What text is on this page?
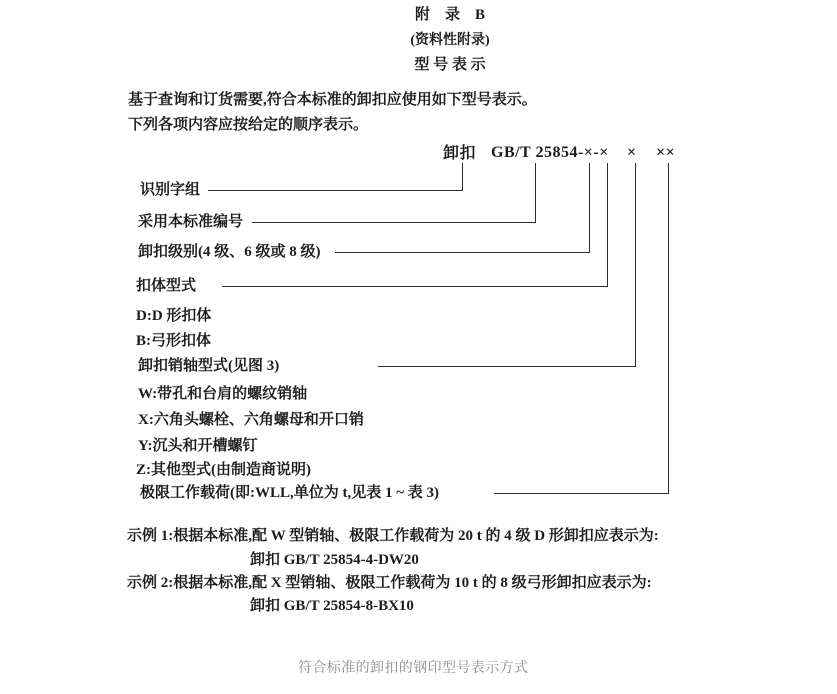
附　录　B
(资料性附录)
型 号 表 示
基于查询和订货需要,符合本标准的卸扣应使用如下型号表示。
下列各项内容应按给定的顺序表示。
卸扣 GB/T 25854-×-× × ××
识别字组
采用本标准编号
卸扣级别(4 级、6 级或 8 级)
扣体型式
D:D 形扣体
B:弓形扣体
卸扣销轴型式(见图 3)
W:带孔和台肩的螺纹销轴
X:六角头螺栓、六角螺母和开口销
Y:沉头和开槽螺钉
Z:其他型式(由制造商说明)
极限工作载荷(即:WLL,单位为 t,见表 1 ~ 表 3)
示例 1:根据本标准,配 W 型销轴、极限工作载荷为 20 t 的 4 级 D 形卸扣应表示为:
卸扣 GB/T 25854-4-DW20
示例 2:根据本标准,配 X 型销轴、极限工作载荷为 10 t 的 8 级弓形卸扣应表示为:
卸扣 GB/T 25854-8-BX10
符合标准的卸扣的钢印型号表示方式
